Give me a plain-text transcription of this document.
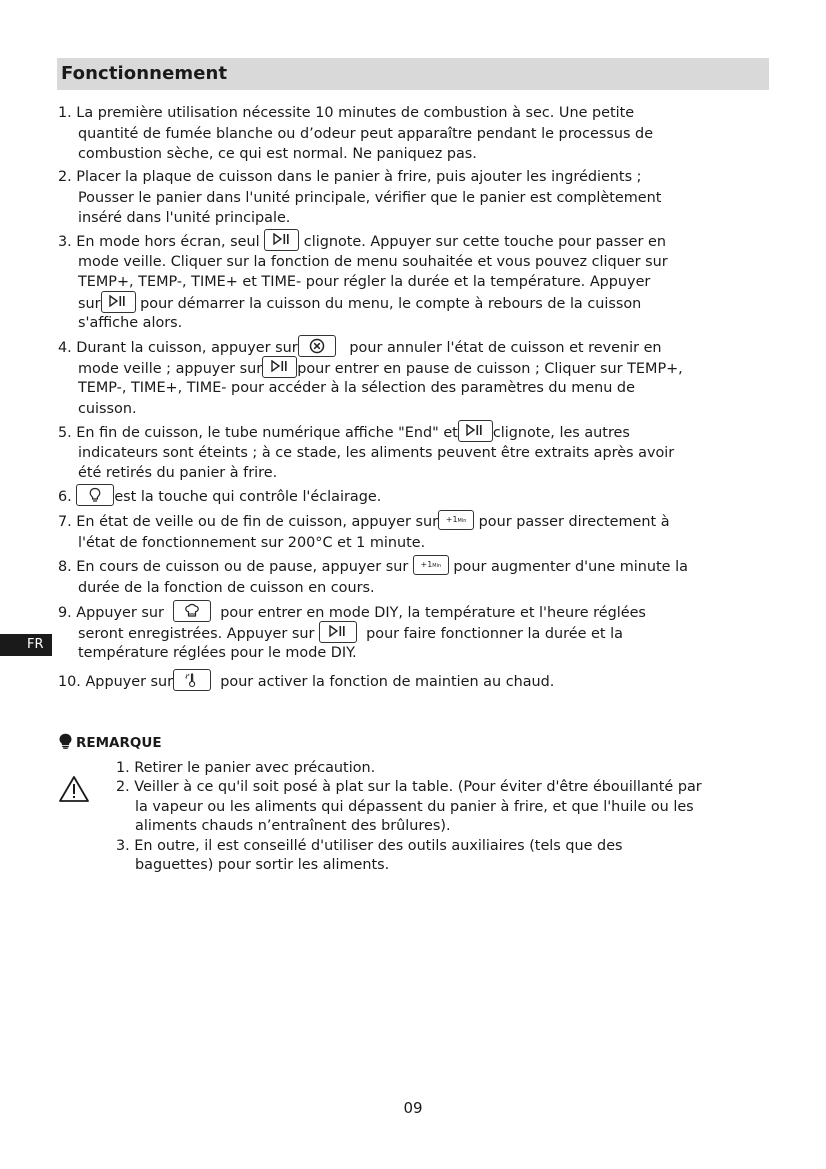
Fonctionnement
1. La première utilisation nécessite 10 minutes de combustion à sec. Une petite
quantité de fumée blanche ou d’odeur peut apparaître pendant le processus de
combustion sèche, ce qui est normal. Ne paniquez pas.
2. Placer la plaque de cuisson dans le panier à frire, puis ajouter les ingrédients ;
Pousser le panier dans l'unité principale, vérifier que le panier est complètement
inséré dans l'unité principale.
3. En mode hors écran, seul	clignote. Appuyer sur cette touche pour passer en
mode veille. Cliquer sur la fonction de menu souhaitée et vous pouvez cliquer sur
TEMP+, TEMP-, TIME+ et TIME- pour régler la durée et la température. Appuyer
sur	pour démarrer la cuisson du menu, le compte à rebours de la cuisson
s'affiche alors.
4. Durant la cuisson, appuyer sur	pour annuler l'état de cuisson et revenir en
mode veille ; appuyer sur pour entrer en pause de cuisson ; Cliquer sur TEMP+,
TEMP-, TIME+, TIME- pour accéder à la sélection des paramètres du menu de
cuisson.
5. En fin de cuisson, le tube numérique affiche "End" et clignote, les autres
indicateurs sont éteints ; à ce stade, les aliments peuvent être extraits après avoir
été retirés du panier à frire.
6.	est la touche qui contrôle l'éclairage.
7. En état de veille ou de fin de cuisson, appuyer sur +1Min pour passer directement à
l'état de fonctionnement sur 200°C et 1 minute.
8. En cours de cuisson ou de pause, appuyer sur	+1Min pour augmenter d'une minute la
durée de la fonction de cuisson en cours.
9. Appuyer sur	pour entrer en mode DIY, la température et l'heure réglées
seront enregistrées. Appuyer sur	pour faire fonctionner la durée et la
température réglées pour le mode DIY.
10. Appuyer sur	pour activer la fonction de maintien au chaud.
FR
REMARQUE
1. Retirer le panier avec précaution.
2. Veiller à ce qu'il soit posé à plat sur la table. (Pour éviter d'être ébouillanté par
la vapeur ou les aliments qui dépassent du panier à frire, et que l'huile ou les
aliments chauds n’entraînent des brûlures).
3. En outre, il est conseillé d'utiliser des outils auxiliaires (tels que des
baguettes) pour sortir les aliments.
09
